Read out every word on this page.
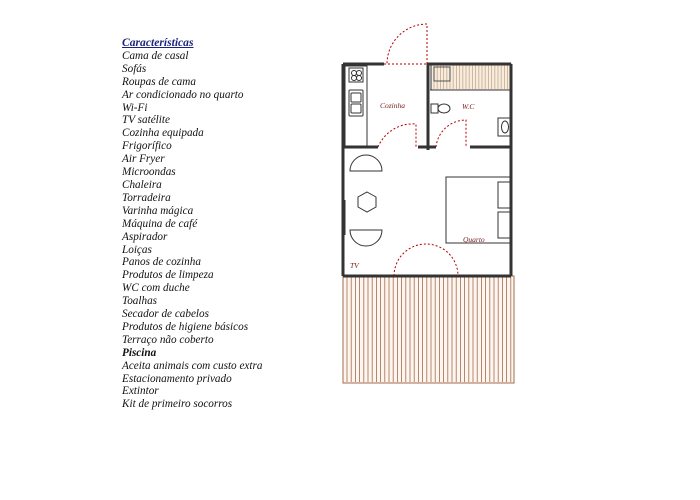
Características
Cama de casal
Sofás
Roupas de cama
Ar condicionado no quarto
Wi-Fi
TV satélite
Cozinha equipada
Frigorífico
Air Fryer
Microondas
Chaleira
Torradeira
Varinha mágica
Máquina de café
Aspirador
Loiças
Panos de cozinha
Produtos de limpeza
WC com duche
Toalhas
Secador de cabelos
Produtos de higiene básicos
Terraço não coberto
Piscina
Aceita animais com custo extra
Estacionamento privado
Extintor
Kit de primeiro socorros
Cozinha	W.C
Quarto
TV
